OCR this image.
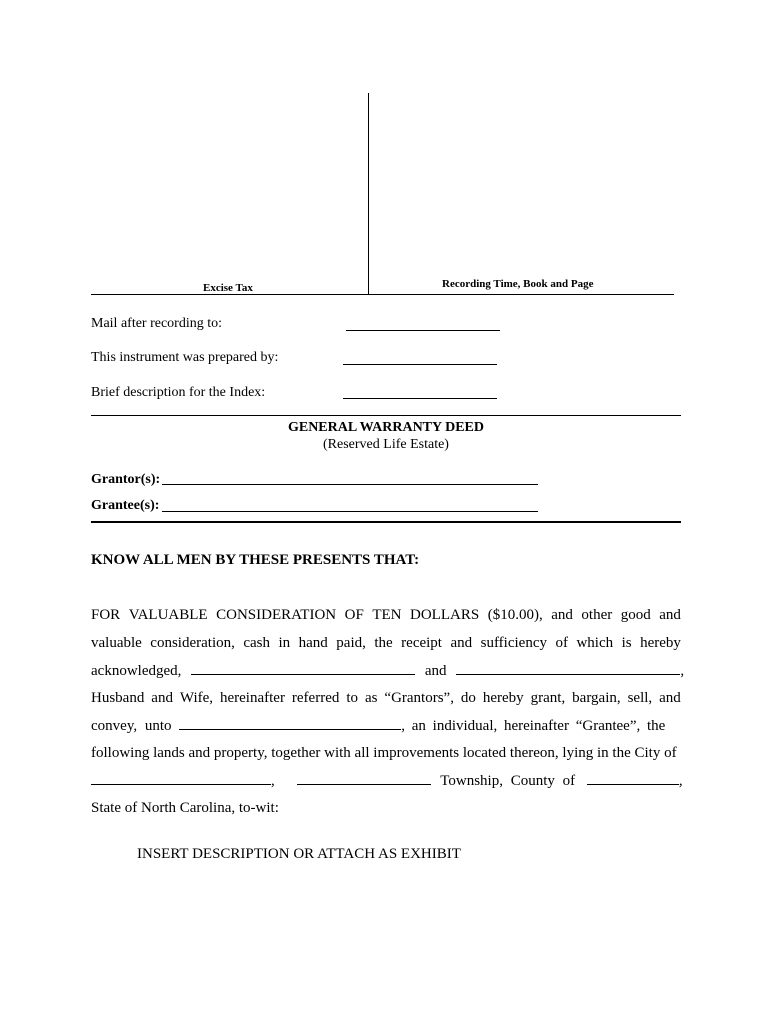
Excise Tax	Recording Time, Book and Page
Mail after recording to:
This instrument was prepared by:
Brief description for the Index:
GENERAL WARRANTY DEED
(Reserved Life Estate)
Grantor(s):
Grantee(s):
KNOW ALL MEN BY THESE PRESENTS THAT:
FOR VALUABLE CONSIDERATION OF TEN DOLLARS ($10.00), and other good and
valuable consideration, cash in hand paid, the receipt and sufficiency of which is hereby
acknowledged,	and	,
Husband and Wife, hereinafter referred to as “Grantors”, do hereby grant, bargain, sell, and
convey, unto	, an individual, hereinafter “Grantee”, the
following lands and property, together with all improvements located thereon, lying in the City of
,	Township, County of	,
State of North Carolina, to-wit:
INSERT DESCRIPTION OR ATTACH AS EXHIBIT
